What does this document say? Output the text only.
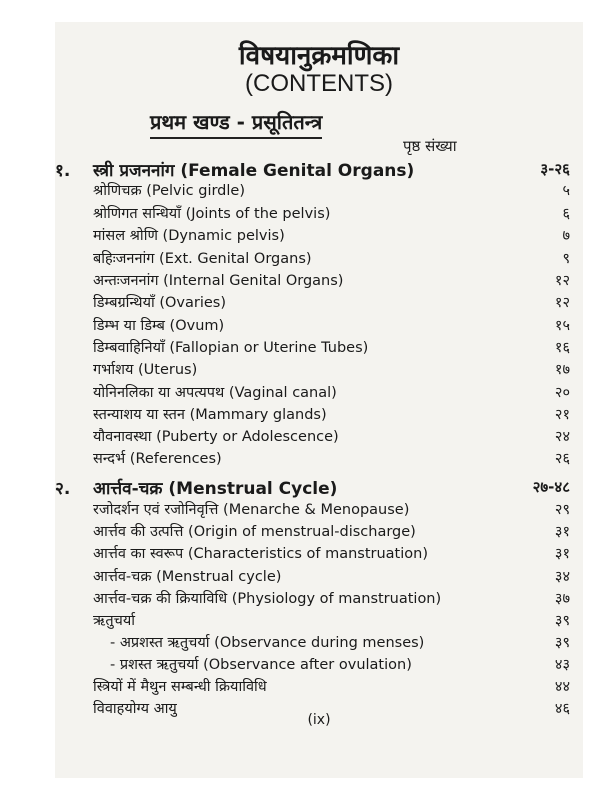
विषयानुक्रमणिका
(CONTENTS)
प्रथम खण्ड - प्रसूतितन्त्र
पृष्ठ संख्या
१. स्त्री प्रजननांग (Female Genital Organs)	३-२६
श्रोणिचक्र (Pelvic girdle)	५
श्रोणिगत सन्धियाँ (Joints of the pelvis)	६
मांसल श्रोणि (Dynamic pelvis)	७
बहिःजननांग (Ext. Genital Organs)	९
अन्तःजननांग (Internal Genital Organs)	१२
डिम्बग्रन्थियाँ (Ovaries)	१२
डिम्भ या डिम्ब (Ovum)	१५
डिम्बवाहिनियाँ (Fallopian or Uterine Tubes)	१६
गर्भाशय (Uterus)	१७
योनिनलिका या अपत्यपथ (Vaginal canal)	२०
स्तन्याशय या स्तन (Mammary glands)	२१
यौवनावस्था (Puberty or Adolescence)	२४
सन्दर्भ (References)	२६
२. आर्त्तव-चक्र (Menstrual Cycle)	२७-४८
रजोदर्शन एवं रजोनिवृत्ति (Menarche & Menopause)	२९
आर्त्तव की उत्पत्ति (Origin of menstrual-discharge)	३१
आर्त्तव का स्वरूप (Characteristics of manstruation)	३१
आर्त्तव-चक्र (Menstrual cycle)	३४
आर्त्तव-चक्र की क्रियाविधि (Physiology of manstruation)	३७
ऋतुचर्या	३९
- अप्रशस्त ऋतुचर्या (Observance during menses)	३९
- प्रशस्त ऋतुचर्या (Observance after ovulation)	४३
स्त्रियों में मैथुन सम्बन्धी क्रियाविधि	४४
विवाहयोग्य आयु	४६
(ix)
